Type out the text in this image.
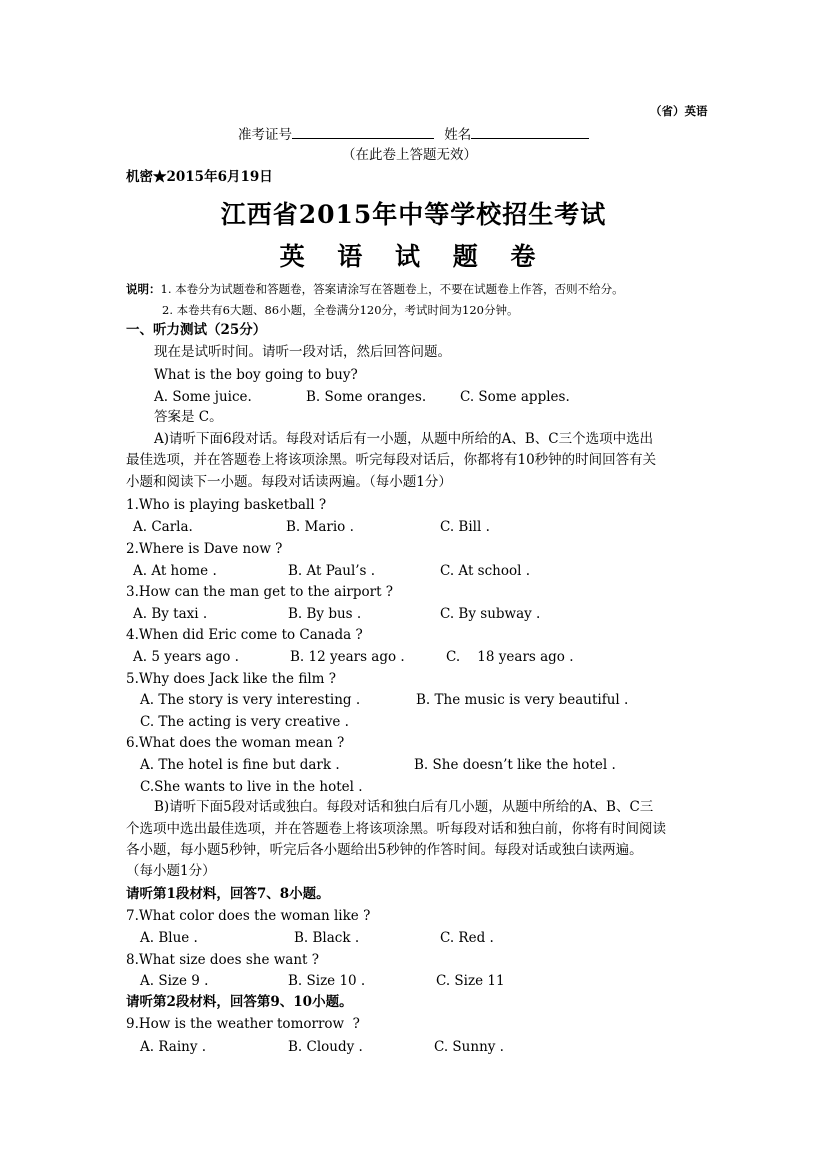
（省）英语
准考证号	姓名
（在此卷上答题无效）
机密★2015年6月19日
江西省2015年中等学校招生考试
英 语 试 题 卷
说明：1. 本卷分为试题卷和答题卷，答案请涂写在答题卷上，不要在试题卷上作答，否则不给分。
2. 本卷共有6大题、86小题，全卷满分120分，考试时间为120分钟。
一、听力测试（25分）
现在是试听时间。请听一段对话，然后回答问题。
What is the boy going to buy?
A. Some juice.	B. Some oranges.	C. Some apples.
答案是 C。
A)请听下面6段对话。每段对话后有一小题，从题中所给的A、B、C三个选项中选出
最佳选项，并在答题卷上将该项涂黑。听完每段对话后，你都将有10秒钟的时间回答有关
小题和阅读下一小题。每段对话读两遍。（每小题1分）
1.Who is playing basketball ?
A. Carla.	B. Mario .	C. Bill .
2.Where is Dave now ?
A. At home .	B. At Paul’s .	C. At school .
3.How can the man get to the airport ?
A. By taxi .	B. By bus .	C. By subway .
4.When did Eric come to Canada ?
A. 5 years ago .	B. 12 years ago .	C.    18 years ago .
5.Why does Jack like the film ?
A. The story is very interesting .	B. The music is very beautiful .
C. The acting is very creative .
6.What does the woman mean ?
A. The hotel is fine but dark .	B. She doesn’t like the hotel .
C.She wants to live in the hotel .
B)请听下面5段对话或独白。每段对话和独白后有几小题，从题中所给的A、B、C三
个选项中选出最佳选项，并在答题卷上将该项涂黑。听每段对话和独白前，你将有时间阅读
各小题，每小题5秒钟，听完后各小题给出5秒钟的作答时间。每段对话或独白读两遍。
（每小题1分）
请听第1段材料，回答7、8小题。
7.What color does the woman like ?
A. Blue .	B. Black .	C. Red .
8.What size does she want ?
A. Size 9 .	B. Size 10 .	C. Size 11
请听第2段材料，回答第9、10小题。
9.How is the weather tomorrow  ?
A. Rainy .	B. Cloudy .	C. Sunny .
